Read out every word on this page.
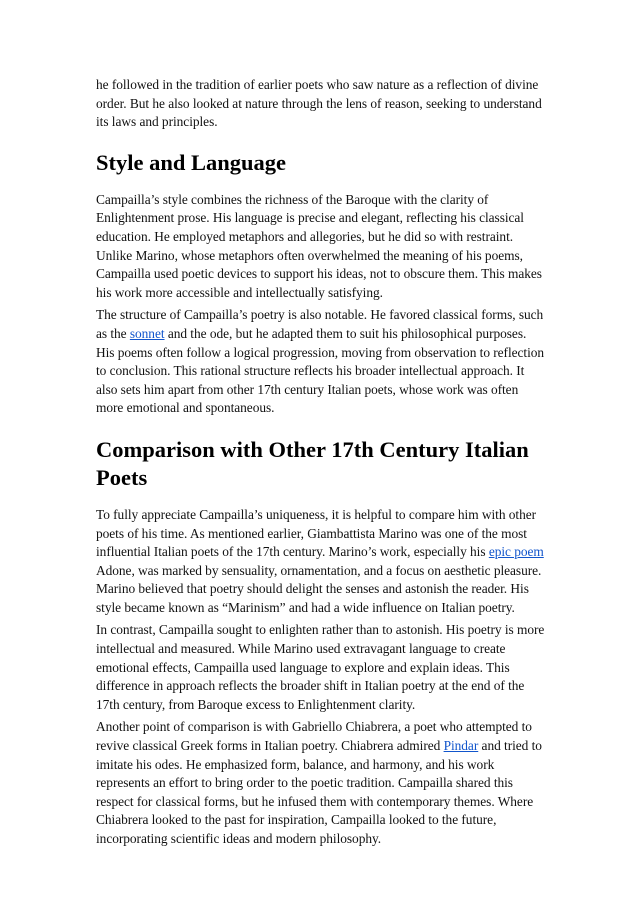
he followed in the tradition of earlier poets who saw nature as a reflection of divine order. But he also looked at nature through the lens of reason, seeking to understand its laws and principles.

Style and Language

Campailla’s style combines the richness of the Baroque with the clarity of Enlightenment prose. His language is precise and elegant, reflecting his classical education. He employed metaphors and allegories, but he did so with restraint. Unlike Marino, whose metaphors often overwhelmed the meaning of his poems, Campailla used poetic devices to support his ideas, not to obscure them. This makes his work more accessible and intellectually satisfying.

The structure of Campailla’s poetry is also notable. He favored classical forms, such as the sonnet and the ode, but he adapted them to suit his philosophical purposes. His poems often follow a logical progression, moving from observation to reflection to conclusion. This rational structure reflects his broader intellectual approach. It also sets him apart from other 17th century Italian poets, whose work was often more emotional and spontaneous.

Comparison with Other 17th Century Italian Poets

To fully appreciate Campailla’s uniqueness, it is helpful to compare him with other poets of his time. As mentioned earlier, Giambattista Marino was one of the most influential Italian poets of the 17th century. Marino’s work, especially his epic poem Adone, was marked by sensuality, ornamentation, and a focus on aesthetic pleasure. Marino believed that poetry should delight the senses and astonish the reader. His style became known as “Marinism” and had a wide influence on Italian poetry.

In contrast, Campailla sought to enlighten rather than to astonish. His poetry is more intellectual and measured. While Marino used extravagant language to create emotional effects, Campailla used language to explore and explain ideas. This difference in approach reflects the broader shift in Italian poetry at the end of the 17th century, from Baroque excess to Enlightenment clarity.

Another point of comparison is with Gabriello Chiabrera, a poet who attempted to revive classical Greek forms in Italian poetry. Chiabrera admired Pindar and tried to imitate his odes. He emphasized form, balance, and harmony, and his work represents an effort to bring order to the poetic tradition. Campailla shared this respect for classical forms, but he infused them with contemporary themes. Where Chiabrera looked to the past for inspiration, Campailla looked to the future, incorporating scientific ideas and modern philosophy.
